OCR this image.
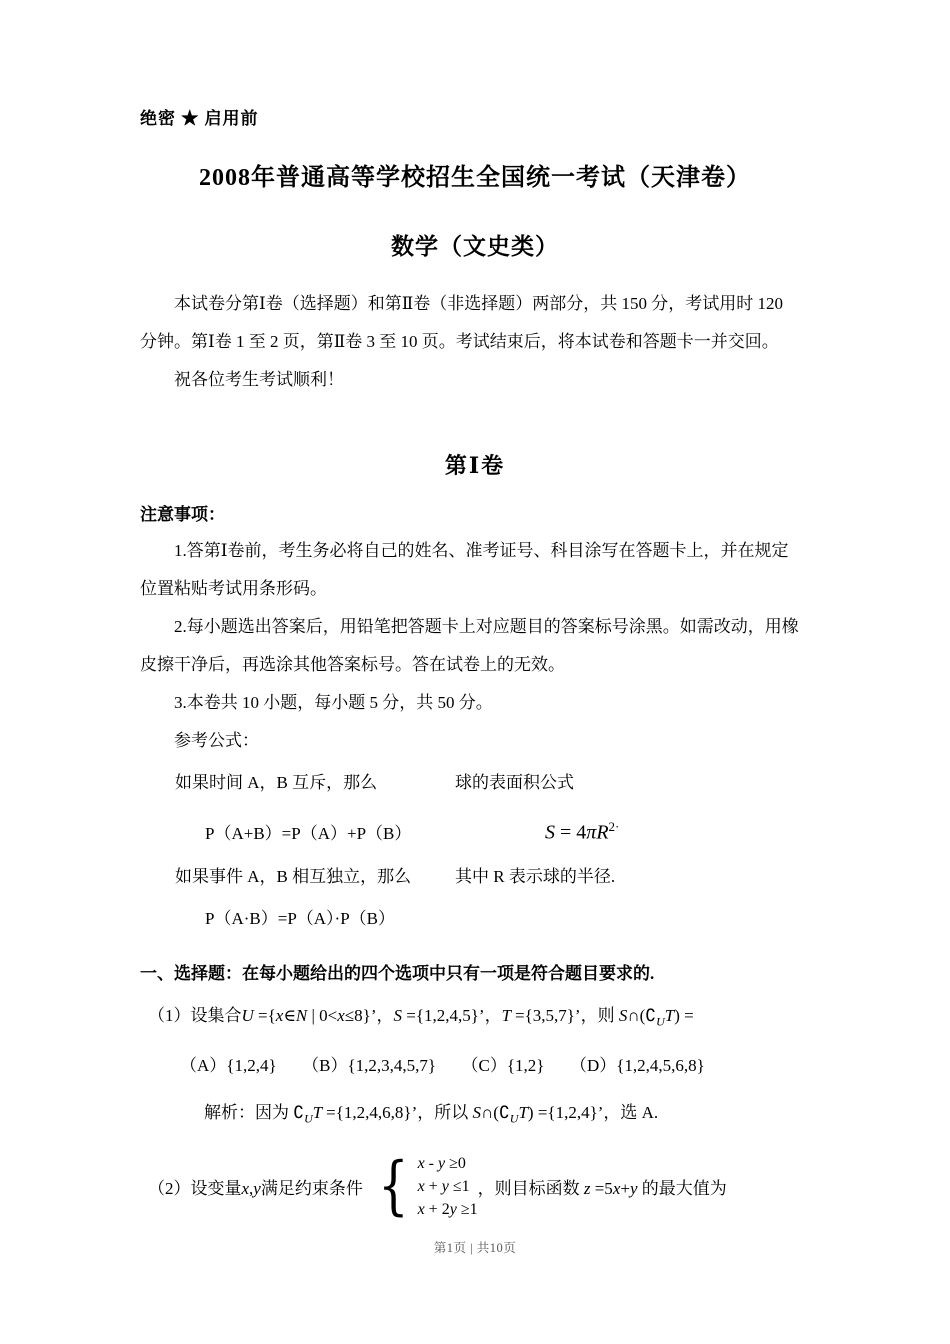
绝密 ★ 启用前
2008年普通高等学校招生全国统一考试（天津卷）
数学（文史类）
本试卷分第Ⅰ卷（选择题）和第Ⅱ卷（非选择题）两部分，共 150 分，考试用时 120
分钟。第Ⅰ卷 1 至 2 页，第Ⅱ卷 3 至 10 页。考试结束后，将本试卷和答题卡一并交回。
祝各位考生考试顺利！
第Ⅰ卷
注意事项：
1.答第Ⅰ卷前，考生务必将自己的姓名、准考证号、科目涂写在答题卡上，并在规定
位置粘贴考试用条形码。
2.每小题选出答案后，用铅笔把答题卡上对应题目的答案标号涂黑。如需改动，用橡
皮擦干净后，再选涂其他答案标号。答在试卷上的无效。
3.本卷共 10 小题，每小题 5 分，共 50 分。
参考公式：
如果时间 A，B 互斥，那么	球的表面积公式
P（A+B）=P（A）+P（B）	$S = 4\pi R^{2\cdot}$
如果事件 A，B 相互独立，那么	其中 R 表示球的半径.
P（A·B）=P（A）·P（B）
一、选择题：在每小题给出的四个选项中只有一项是符合题目要求的.
（1）设集合U ={x∈N | 0<x≤8}’，S ={1,2,4,5}’，T ={3,5,7}’，则 $S\cap(∁_UT)$ =
（A）{1,2,4}　　 （B）{1,2,3,4,5,7}　　 （C）{1,2}　　 （D）{1,2,4,5,6,8}
解析：因为 $∁_UT =\{1,2,4,6,8\}$’，所以 $S\cap(∁_UT) =\{1,2,4\}$’，选 A.
（2）设变量x,y满足约束条件 { x - y ≥0
x + y ≤1
x + 2y ≥1
，则目标函数 z =5x+y 的最大值为
第1页 | 共10页
